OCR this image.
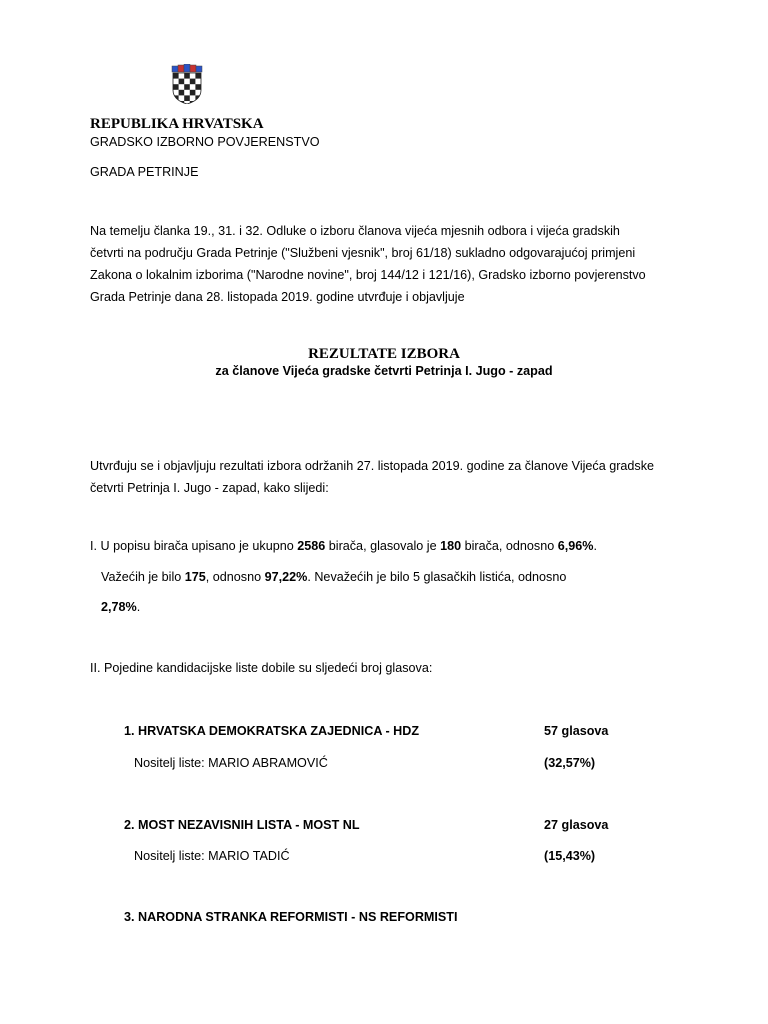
REPUBLIKA HRVATSKA
GRADSKO IZBORNO POVJERENSTVO
GRADA PETRINJE
Na temelju članka 19., 31. i 32. Odluke o izboru članova vijeća mjesnih odbora i vijeća gradskih
četvrti na području Grada Petrinje ("Službeni vjesnik", broj 61/18) sukladno odgovarajućoj primjeni
Zakona o lokalnim izborima ("Narodne novine", broj 144/12 i 121/16), Gradsko izborno povjerenstvo
Grada Petrinje dana 28. listopada 2019. godine utvrđuje i objavljuje
REZULTATE IZBORA
za članove Vijeća gradske četvrti Petrinja I. Jugo - zapad
Utvrđuju se i objavljuju rezultati izbora održanih 27. listopada 2019. godine za članove Vijeća gradske
četvrti Petrinja I. Jugo - zapad, kako slijedi:
I. U popisu birača upisano je ukupno 2586 birača, glasovalo je 180 birača, odnosno 6,96%.
Važećih je bilo 175, odnosno 97,22%. Nevažećih je bilo 5 glasačkih listića, odnosno
2,78%.
II. Pojedine kandidacijske liste dobile su sljedeći broj glasova:
1. HRVATSKA DEMOKRATSKA ZAJEDNICA - HDZ	57 glasova
Nositelj liste: MARIO ABRAMOVIĆ	(32,57%)
2. MOST NEZAVISNIH LISTA - MOST NL	27 glasova
Nositelj liste: MARIO TADIĆ	(15,43%)
3. NARODNA STRANKA REFORMISTI - NS REFORMISTI
